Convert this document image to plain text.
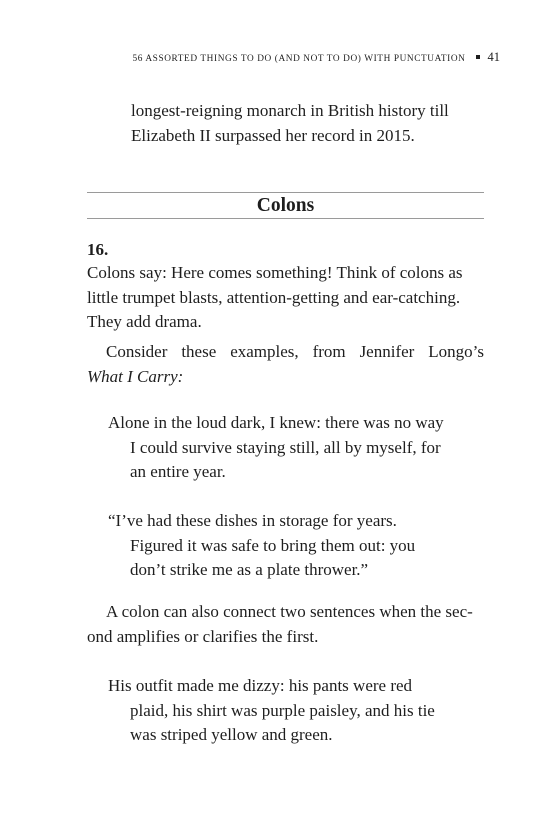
56 ASSORTED THINGS TO DO (AND NOT TO DO) WITH PUNCTUATION 41
longest-reigning monarch in British history till
Elizabeth II surpassed her record in 2015.
Colons
16.
Colons say: Here comes something! Think of colons as
little trumpet blasts, attention-getting and ear-catching.
They add drama.
Consider these examples, from Jennifer Longo’s
What I Carry:
Alone in the loud dark, I knew: there was no way
I could survive staying still, all by myself, for
an entire year.
“I’ve had these dishes in storage for years.
Figured it was safe to bring them out: you
don’t strike me as a plate thrower.”
A colon can also connect two sentences when the sec-
ond amplifies or clarifies the first.
His outfit made me dizzy: his pants were red
plaid, his shirt was purple paisley, and his tie
was striped yellow and green.
